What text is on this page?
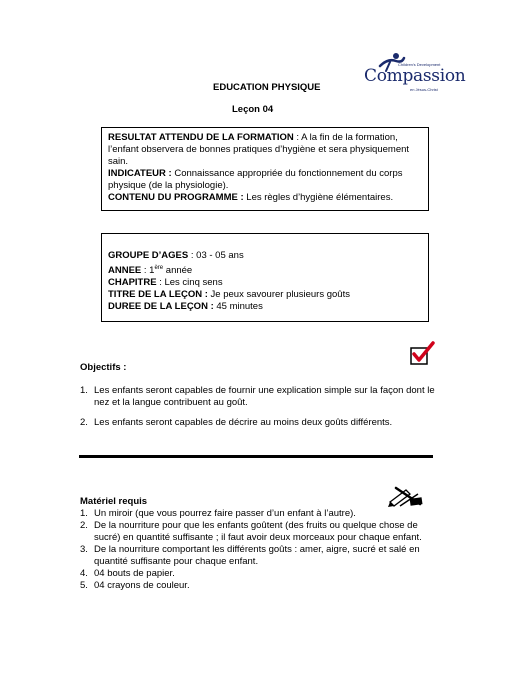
Children's Development
Compassion
en Jésus-Christ
EDUCATION PHYSIQUE
Leçon 04
RESULTAT ATTENDU DE LA FORMATION : A la fin de la formation, l’enfant observera de bonnes pratiques d’hygiène et sera physiquement sain.
INDICATEUR : Connaissance appropriée du fonctionnement du corps physique (de la physiologie).
CONTENU DU PROGRAMME : Les règles d’hygiène élémentaires.
GROUPE D’AGES : 03 - 05 ans
ANNEE : 1ère année
CHAPITRE : Les cinq sens
TITRE DE LA LEÇON : Je peux savourer plusieurs goûts
DUREE DE LA LEÇON : 45 minutes
Objectifs :
1. Les enfants seront capables de fournir une explication simple sur la façon dont le nez et la langue contribuent au goût.
2. Les enfants seront capables de décrire au moins deux goûts différents.
Matériel requis
1. Un miroir (que vous pourrez faire passer d’un enfant à l’autre).
2. De la nourriture pour que les enfants goûtent (des fruits ou quelque chose de sucré) en quantité suffisante ; il faut avoir deux morceaux pour chaque enfant.
3. De la nourriture comportant les différents goûts : amer, aigre, sucré et salé en quantité suffisante pour chaque enfant.
4. 04 bouts de papier.
5. 04 crayons de couleur.
